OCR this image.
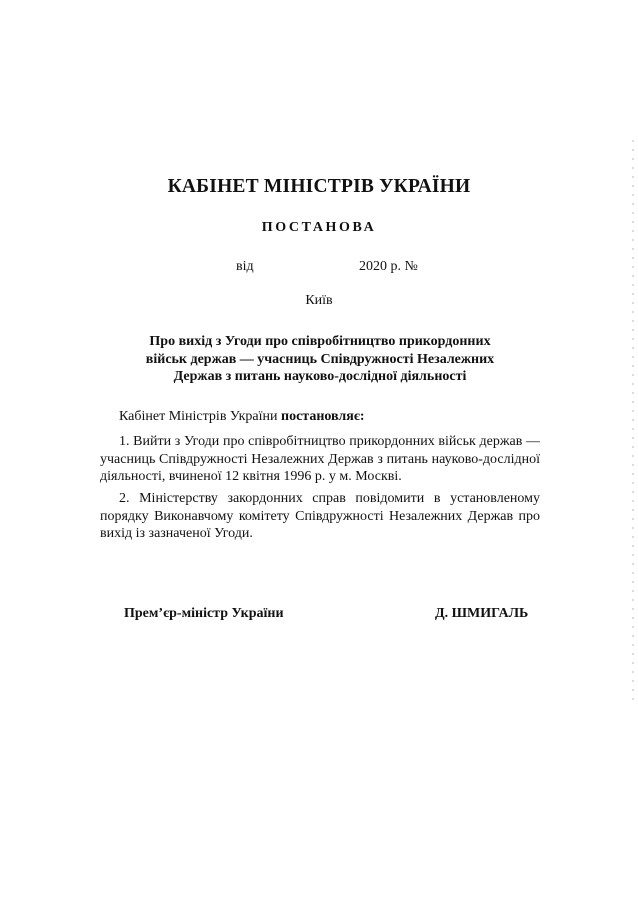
КАБІНЕТ МІНІСТРІВ УКРАЇНИ
ПОСТАНОВА
від	2020 р. №
Київ
Про вихід з Угоди про співробітництво прикордонних
військ держав — учасниць Співдружності Незалежних
Держав з питань науково-дослідної діяльності
Кабінет Міністрів України постановляє:
1. Вийти з Угоди про співробітництво прикордонних військ держав — учасниць Співдружності Незалежних Держав з питань науково-дослідної діяльності, вчиненої 12 квітня 1996 р. у м. Москві.
2. Міністерству закордонних справ повідомити в установленому порядку Виконавчому комітету Співдружності Незалежних Держав про вихід із зазначеної Угоди.
Прем’єр-міністр України	Д. ШМИГАЛЬ
